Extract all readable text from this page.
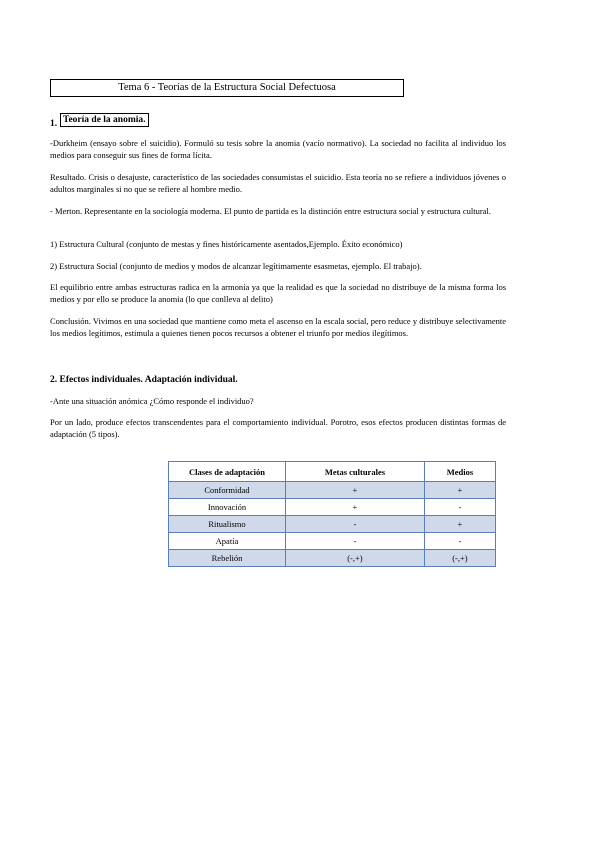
Tema 6 - Teorías de la Estructura Social Defectuosa
1. Teoría de la anomia.

-Durkheim (ensayo sobre el suicidio). Formuló su tesis sobre la anomia (vacío normativo). La sociedad no facilita al individuo los medios para conseguir sus fines de forma lícita.

Resultado. Crisis o desajuste, característico de las sociedades consumistas el suicidio. Esta teoría no se refiere a individuos jóvenes o adultos marginales si no que se refiere al hombre medio.

- Merton. Representante en la sociología moderna. El punto de partida es la distinción entre estructura social y estructura cultural.

1) Estructura Cultural (conjunto de mestas y fines históricamente asentados,Ejemplo. Éxito económico)

2) Estructura Social (conjunto de medios y modos de alcanzar legítimamente esasmetas, ejemplo. El trabajo).

El equilibrio entre ambas estructuras radica en la armonía ya que la realidad es que la sociedad no distribuye de la misma forma los medios y por ello se produce la anomia (lo que conlleva al delito)

Conclusión. Vivimos en una sociedad que mantiene como meta el ascenso en la escala social, pero reduce y distribuye selectivamente los medios legítimos, estimula a quienes tienen pocos recursos a obtener el triunfo por medios ilegítimos.

2. Efectos individuales. Adaptación individual.

-Ante una situación anómica ¿Cómo responde el individuo?

Por un lado, produce efectos transcendentes para el comportamiento individual. Porotro, esos efectos producen distintas formas de adaptación (5 tipos).

Clases de adaptación	Metas culturales	Medios
Conformidad	+	+
Innovación	+	-
Ritualismo	-	+
Apatía	-	-
Rebelión	(-,+)	(-,+)
